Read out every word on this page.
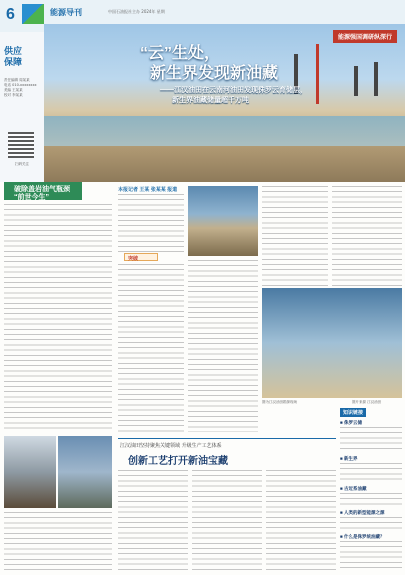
6	能源导刊	中国石油报社主办 2024年 星期
供应
保障
责任编辑 周某某
电话 010-xxxxxxxx
美编 王某某
校对 李某某
扫码关注
能源强国调研纵深行
“云”生处，
新生界发现新油藏
——江汉油田在云南河油田发现侏罗云育储层，
新生界油藏储量超千万吨
破除盖岩油气瓶颈 “前世今生”
本报记者 王某 张某某 报道
突破
图为江汉油田勘探现场	图片来源 江汉油田
江汉油田坚持聚焦关键领域 升级生产工艺体系
创新工艺打开新油宝藏
知识链接
■ 侏罗云储
■ 新生界
■ 古近系油藏
■ 人类的新型能源之源
■ 什么是侏罗统油藏？
